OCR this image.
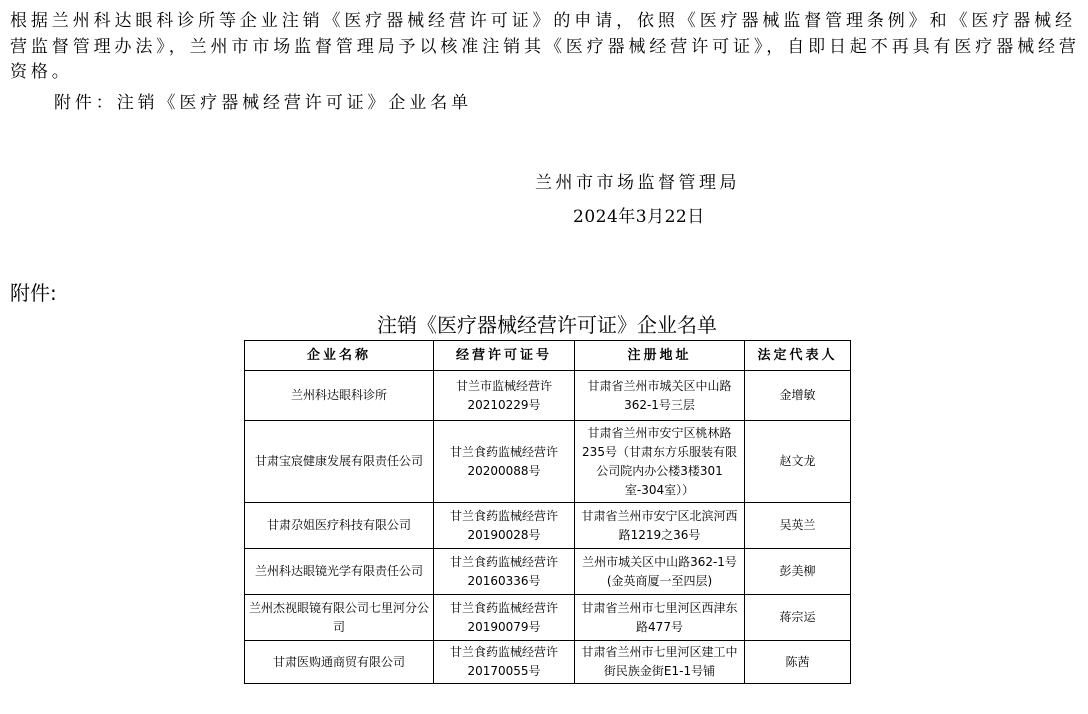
根据兰州科达眼科诊所等企业注销《医疗器械经营许可证》的申请，依照《医疗器械监督管理条例》和《医疗器械经营监督管理办法》，兰州市市场监督管理局予以核准注销其《医疗器械经营许可证》，自即日起不再具有医疗器械经营资格。

附件：注销《医疗器械经营许可证》企业名单

兰州市市场监督管理局
2024年3月22日
附件:
注销《医疗器械经营许可证》企业名单
企业名称	经营许可证号	注册地址	法定代表人
兰州科达眼科诊所	甘兰市监械经营许20210229号	甘肃省兰州市城关区中山路362-1号三层	金增敏
甘肃宝宸健康发展有限责任公司	甘兰食药监械经营许20200088号	甘肃省兰州市安宁区桃林路235号（甘肃东方乐服装有限公司院内办公楼3楼301室-304室））	赵文龙
甘肃尕姐医疗科技有限公司	甘兰食药监械经营许20190028号	甘肃省兰州市安宁区北滨河西路1219之36号	吴英兰
兰州科达眼镜光学有限责任公司	甘兰食药监械经营许20160336号	兰州市城关区中山路362-1号(金英商厦一至四层)	彭美柳
兰州杰视眼镜有限公司七里河分公司	甘兰食药监械经营许20190079号	甘肃省兰州市七里河区西津东路477号	蒋宗运
甘肃医购通商贸有限公司	甘兰食药监械经营许20170055号	甘肃省兰州市七里河区建工中街民族金街E1-1号铺	陈茜
